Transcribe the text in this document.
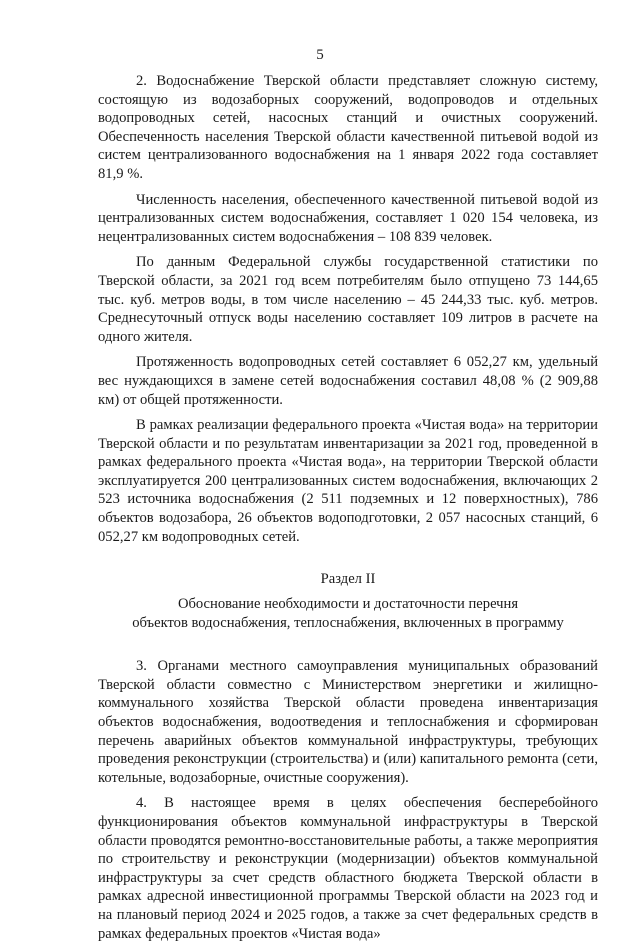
5

2. Водоснабжение Тверской области представляет сложную систему, состоящую из водозаборных сооружений, водопроводов и отдельных водопроводных сетей, насосных станций и очистных сооружений. Обеспеченность населения Тверской области качественной питьевой водой из систем централизованного водоснабжения на 1 января 2022 года составляет 81,9 %.

Численность населения, обеспеченного качественной питьевой водой из централизованных систем водоснабжения, составляет 1 020 154 человека, из нецентрализованных систем водоснабжения – 108 839 человек.

По данным Федеральной службы государственной статистики по Тверской области, за 2021 год всем потребителям было отпущено 73 144,65 тыс. куб. метров воды, в том числе населению – 45 244,33 тыс. куб. метров. Среднесуточный отпуск воды населению составляет 109 литров в расчете на одного жителя.

Протяженность водопроводных сетей составляет 6 052,27 км, удельный вес нуждающихся в замене сетей водоснабжения составил 48,08 % (2 909,88 км) от общей протяженности.

В рамках реализации федерального проекта «Чистая вода» на территории Тверской области и по результатам инвентаризации за 2021 год, проведенной в рамках федерального проекта «Чистая вода», на территории Тверской области эксплуатируется 200 централизованных систем водоснабжения, включающих 2 523 источника водоснабжения (2 511 подземных и 12 поверхностных), 786 объектов водозабора, 26 объектов водоподготовки, 2 057 насосных станций, 6 052,27 км водопроводных сетей.

Раздел II
Обоснование необходимости и достаточности перечня
объектов водоснабжения, теплоснабжения, включенных в программу

3. Органами местного самоуправления муниципальных образований Тверской области совместно с Министерством энергетики и жилищно-коммунального хозяйства Тверской области проведена инвентаризация объектов водоснабжения, водоотведения и теплоснабжения и сформирован перечень аварийных объектов коммунальной инфраструктуры, требующих проведения реконструкции (строительства) и (или) капитального ремонта (сети, котельные, водозаборные, очистные сооружения).

4. В настоящее время в целях обеспечения бесперебойного функционирования объектов коммунальной инфраструктуры в Тверской области проводятся ремонтно-восстановительные работы, а также мероприятия по строительству и реконструкции (модернизации) объектов коммунальной инфраструктуры за счет средств областного бюджета Тверской области в рамках адресной инвестиционной программы Тверской области на 2023 год и на плановый период 2024 и 2025 годов, а также за счет федеральных средств в рамках федеральных проектов «Чистая вода»
